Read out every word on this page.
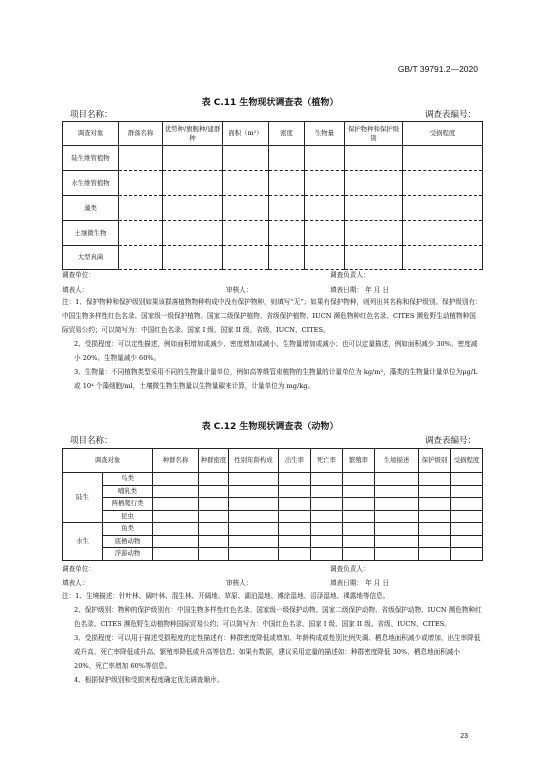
GB/T 39791.2—2020
表 C.11 生物现状调查表（植物）
项目名称：	调查表编号：
调查对象	群落名称	优势种/旗舰种/建群种	面积（m²）	密度	生物量	保护物种和保护级别	受损程度
陆生维管植物							
水生维管植物							
藻类							
土壤微生物							
大型真菌							
调查单位：	调查负责人：
填表人：	审核人：	填表日期： 年 月 日

注：1、保护物种和保护级别如果该群落植物物种构成中没有保护物种，则填写“无”；如果有保护物种，则列出其名称和保护级别。保护级别有：中国生物多样性红色名录、国家级一级保护植物、国家二级保护植物、省级保护植物、IUCN 濒危物种红色名录、CITES 濒危野生动植物种国际贸易公约；可以简写为：中国红色名录、国家 I 级、国家 II 级、省级、IUCN、CITES。

2、受损程度：可以定性描述，例如面积增加或减少、密度增加或减小、生物量增加或减小；也可以定量描述，例如面积减少 30%、密度减小 20%、生物量减少 60%。

3、生物量：不同植物类型采用不同的生物量计量单位，例如高等维管束植物的生物量的计量单位为 kg/m²，藻类的生物量计量单位为μg/L 或 10⁴ 个藻细胞/ml，土壤微生物生物量以生物量碳来计算，计量单位为 mg/kg。

表 C.12 生物现状调查表（动物）
项目名称：	调查表编号：
调查对象		种群名称	种群密度	性别年龄构成	出生率	死亡率	繁殖率	生境描述	保护级别	受损程度
陆生	鸟类									
	哺乳类									
	两栖爬行类									
	昆虫									
水生	鱼类									
	底栖动物									
	浮游动物									
调查单位：	调查负责人：
填表人：	审核人：	填表日期： 年 月 日

注：1、生境描述：针叶林、阔叶林、混生林、开阔地、草原、湖泊湿地、滩涂湿地、沼泽湿地、裸露地等信息。

2、保护级别：物种的保护级别有：中国生物多样性红色名录、国家级一级保护动物、国家二级保护动物、省级保护动物、IUCN 濒危物种红色名录、CITES 濒危野生动植物种国际贸易公约；可以简写为：中国红色名录、国家 I 级、国家 II 级、省级、IUCN、CITES。

3、受损程度：可以用于描述受损程度的定性描述有：种群密度降低或增加、年龄构成或性别比例失调、栖息地面积减少或增加、出生率降低或升高、死亡率降低或升高、繁殖率降低或升高等信息；如果有数据，建议采用定量的描述如：种群密度降低 30%、栖息地面积减小 20%、死亡率增加 60%等信息。

4、根据保护级别和受损害程度确定优先调查顺序。

23
